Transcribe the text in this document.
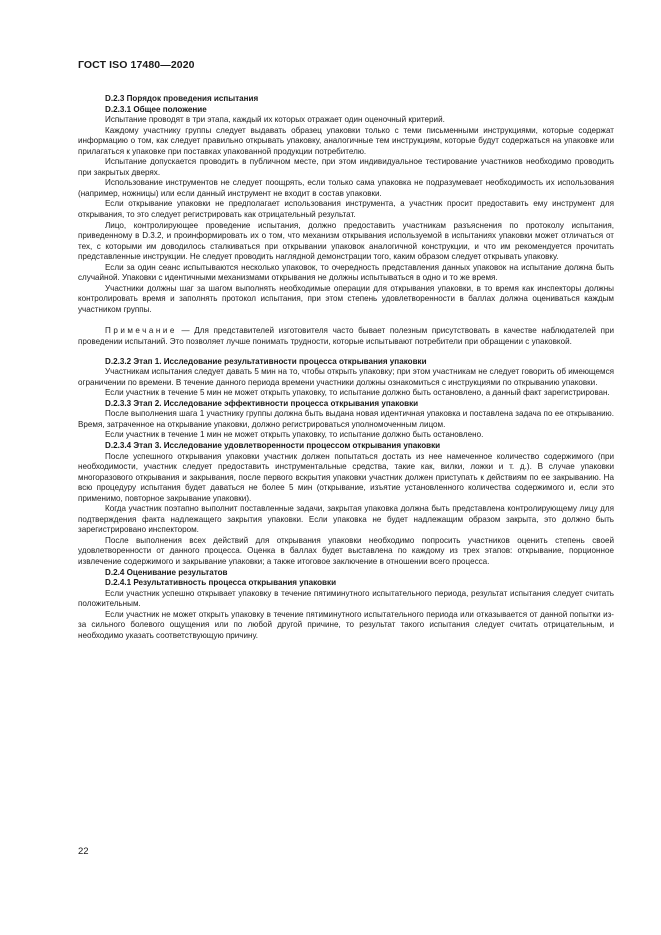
ГОСТ ISO 17480—2020
D.2.3 Порядок проведения испытания
D.2.3.1 Общее положение
Испытание проводят в три этапа, каждый их которых отражает один оценочный критерий.
Каждому участнику группы следует выдавать образец упаковки только с теми письменными инструкциями, которые содержат информацию о том, как следует правильно открывать упаковку, аналогичные тем инструкциям, которые будут содержаться на упаковке или прилагаться к упаковке при поставках упакованной продукции потребителю.
Испытание допускается проводить в публичном месте, при этом индивидуальное тестирование участников необходимо проводить при закрытых дверях.
Использование инструментов не следует поощрять, если только сама упаковка не подразумевает необходимость их использования (например, ножницы) или если данный инструмент не входит в состав упаковки.
Если открывание упаковки не предполагает использования инструмента, а участник просит предоставить ему инструмент для открывания, то это следует регистрировать как отрицательный результат.
Лицо, контролирующее проведение испытания, должно предоставить участникам разъяснения по протоколу испытания, приведенному в D.3.2, и проинформировать их о том, что механизм открывания используемой в испытаниях упаковки может отличаться от тех, с которыми им доводилось сталкиваться при открывании упаковок аналогичной конструкции, и что им рекомендуется прочитать представленные инструкции. Не следует проводить наглядной демонстрации того, каким образом следует открывать упаковку.
Если за один сеанс испытываются несколько упаковок, то очередность представления данных упаковок на испытание должна быть случайной. Упаковки с идентичными механизмами открывания не должны испытываться в одно и то же время.
Участники должны шаг за шагом выполнять необходимые операции для открывания упаковки, в то время как инспекторы должны контролировать время и заполнять протокол испытания, при этом степень удовлетворенности в баллах должна оцениваться каждым участником группы.
Примечание — Для представителей изготовителя часто бывает полезным присутствовать в качестве наблюдателей при проведении испытаний. Это позволяет лучше понимать трудности, которые испытывают потребители при обращении с упаковкой.
D.2.3.2 Этап 1. Исследование результативности процесса открывания упаковки
Участникам испытания следует давать 5 мин на то, чтобы открыть упаковку; при этом участникам не следует говорить об имеющемся ограничении по времени. В течение данного периода времени участники должны ознакомиться с инструкциями по открыванию упаковки.
Если участник в течение 5 мин не может открыть упаковку, то испытание должно быть остановлено, а данный факт зарегистрирован.
D.2.3.3 Этап 2. Исследование эффективности процесса открывания упаковки
После выполнения шага 1 участнику группы должна быть выдана новая идентичная упаковка и поставлена задача по ее открыванию. Время, затраченное на открывание упаковки, должно регистрироваться уполномоченным лицом.
Если участник в течение 1 мин не может открыть упаковку, то испытание должно быть остановлено.
D.2.3.4 Этап 3. Исследование удовлетворенности процессом открывания упаковки
После успешного открывания упаковки участник должен попытаться достать из нее намеченное количество содержимого (при необходимости, участник следует предоставить инструментальные средства, такие как, вилки, ложки и т. д.). В случае упаковки многоразового открывания и закрывания, после первого вскрытия упаковки участник должен приступать к действиям по ее закрыванию. На всю процедуру испытания будет даваться не более 5 мин (открывание, изъятие установленного количества содержимого и, если это применимо, повторное закрывание упаковки).
Когда участник поэтапно выполнит поставленные задачи, закрытая упаковка должна быть представлена контролирующему лицу для подтверждения факта надлежащего закрытия упаковки. Если упаковка не будет надлежащим образом закрыта, это должно быть зарегистрировано инспектором.
После выполнения всех действий для открывания упаковки необходимо попросить участников оценить степень своей удовлетворенности от данного процесса. Оценка в баллах будет выставлена по каждому из трех этапов: открывание, порционное извлечение содержимого и закрывание упаковки; а также итоговое заключение в отношении всего процесса.
D.2.4 Оценивание результатов
D.2.4.1 Результативность процесса открывания упаковки
Если участник успешно открывает упаковку в течение пятиминутного испытательного периода, результат испытания следует считать положительным.
Если участник не может открыть упаковку в течение пятиминутного испытательного периода или отказывается от данной попытки из-за сильного болевого ощущения или по любой другой причине, то результат такого испытания следует считать отрицательным, и необходимо указать соответствующую причину.
22
